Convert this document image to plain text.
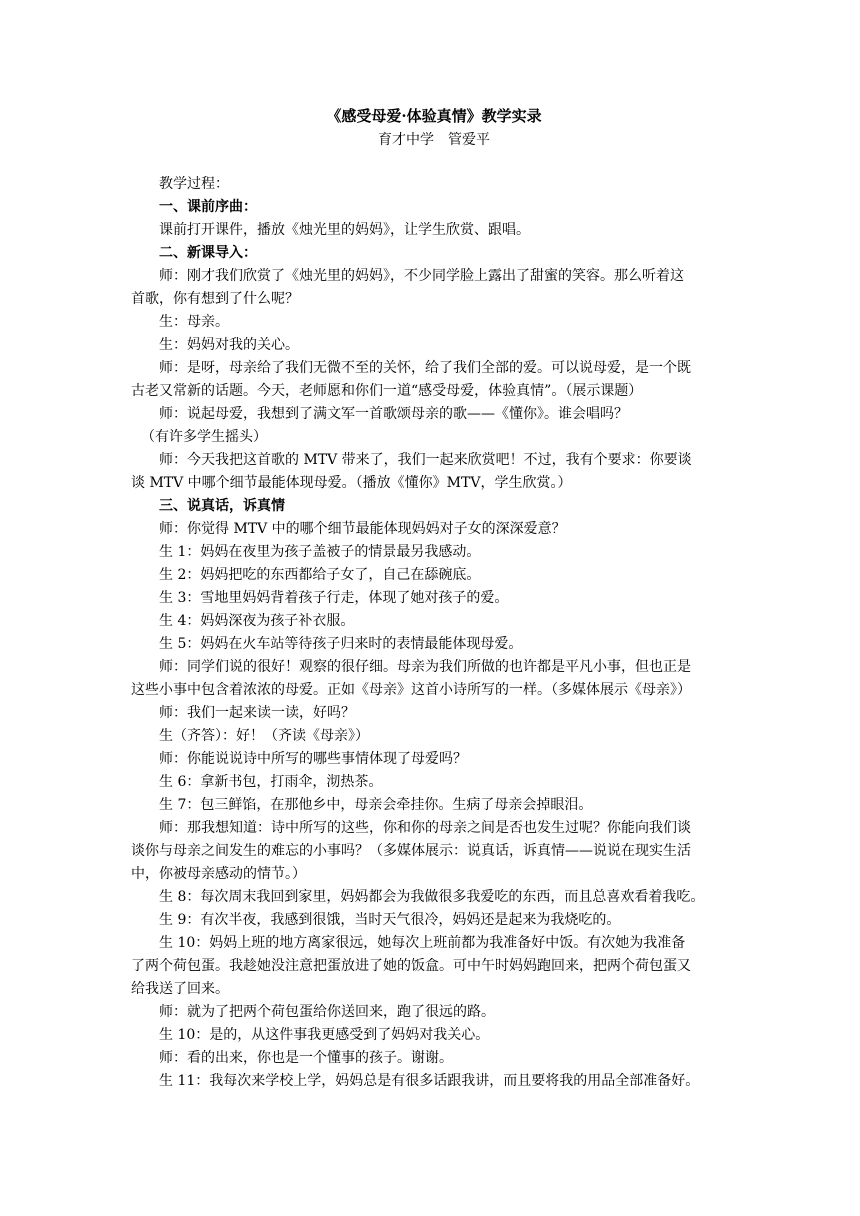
《感受母爱·体验真情》教学实录

育才中学　管爱平

教学过程：

一、课前序曲：

课前打开课件，播放《烛光里的妈妈》，让学生欣赏、跟唱。

二、新课导入：

师：刚才我们欣赏了《烛光里的妈妈》，不少同学脸上露出了甜蜜的笑容。那么听着这

首歌，你有想到了什么呢？

生：母亲。

生：妈妈对我的关心。

师：是呀，母亲给了我们无微不至的关怀，给了我们全部的爱。可以说母爱，是一个既

古老又常新的话题。今天，老师愿和你们一道“感受母爱，体验真情”。（展示课题）

师：说起母爱，我想到了满文军一首歌颂母亲的歌——《懂你》。谁会唱吗？

（有许多学生摇头）

师：今天我把这首歌的 MTV 带来了，我们一起来欣赏吧！不过，我有个要求：你要谈

谈 MTV 中哪个细节最能体现母爱。（播放《懂你》MTV，学生欣赏。）

三、说真话，诉真情

师：你觉得 MTV 中的哪个细节最能体现妈妈对子女的深深爱意？

生 1：妈妈在夜里为孩子盖被子的情景最另我感动。

生 2：妈妈把吃的东西都给子女了，自己在舔碗底。

生 3：雪地里妈妈背着孩子行走，体现了她对孩子的爱。

生 4：妈妈深夜为孩子补衣服。

生 5：妈妈在火车站等待孩子归来时的表情最能体现母爱。

师：同学们说的很好！观察的很仔细。母亲为我们所做的也许都是平凡小事，但也正是

这些小事中包含着浓浓的母爱。正如《母亲》这首小诗所写的一样。（多媒体展示《母亲》）

师：我们一起来读一读，好吗？

生（齐答）：好！（齐读《母亲》）

师：你能说说诗中所写的哪些事情体现了母爱吗？

生 6：拿新书包，打雨伞，沏热茶。

生 7：包三鲜馅，在那他乡中，母亲会牵挂你。生病了母亲会掉眼泪。

师：那我想知道：诗中所写的这些，你和你的母亲之间是否也发生过呢？你能向我们谈

谈你与母亲之间发生的难忘的小事吗？（多媒体展示：说真话，诉真情——说说在现实生活

中，你被母亲感动的情节。）

生 8：每次周末我回到家里，妈妈都会为我做很多我爱吃的东西，而且总喜欢看着我吃。

生 9：有次半夜，我感到很饿，当时天气很冷，妈妈还是起来为我烧吃的。

生 10：妈妈上班的地方离家很远，她每次上班前都为我准备好中饭。有次她为我准备

了两个荷包蛋。我趁她没注意把蛋放进了她的饭盒。可中午时妈妈跑回来，把两个荷包蛋又

给我送了回来。

师：就为了把两个荷包蛋给你送回来，跑了很远的路。

生 10：是的，从这件事我更感受到了妈妈对我关心。

师：看的出来，你也是一个懂事的孩子。谢谢。

生 11：我每次来学校上学，妈妈总是有很多话跟我讲，而且要将我的用品全部准备好。
